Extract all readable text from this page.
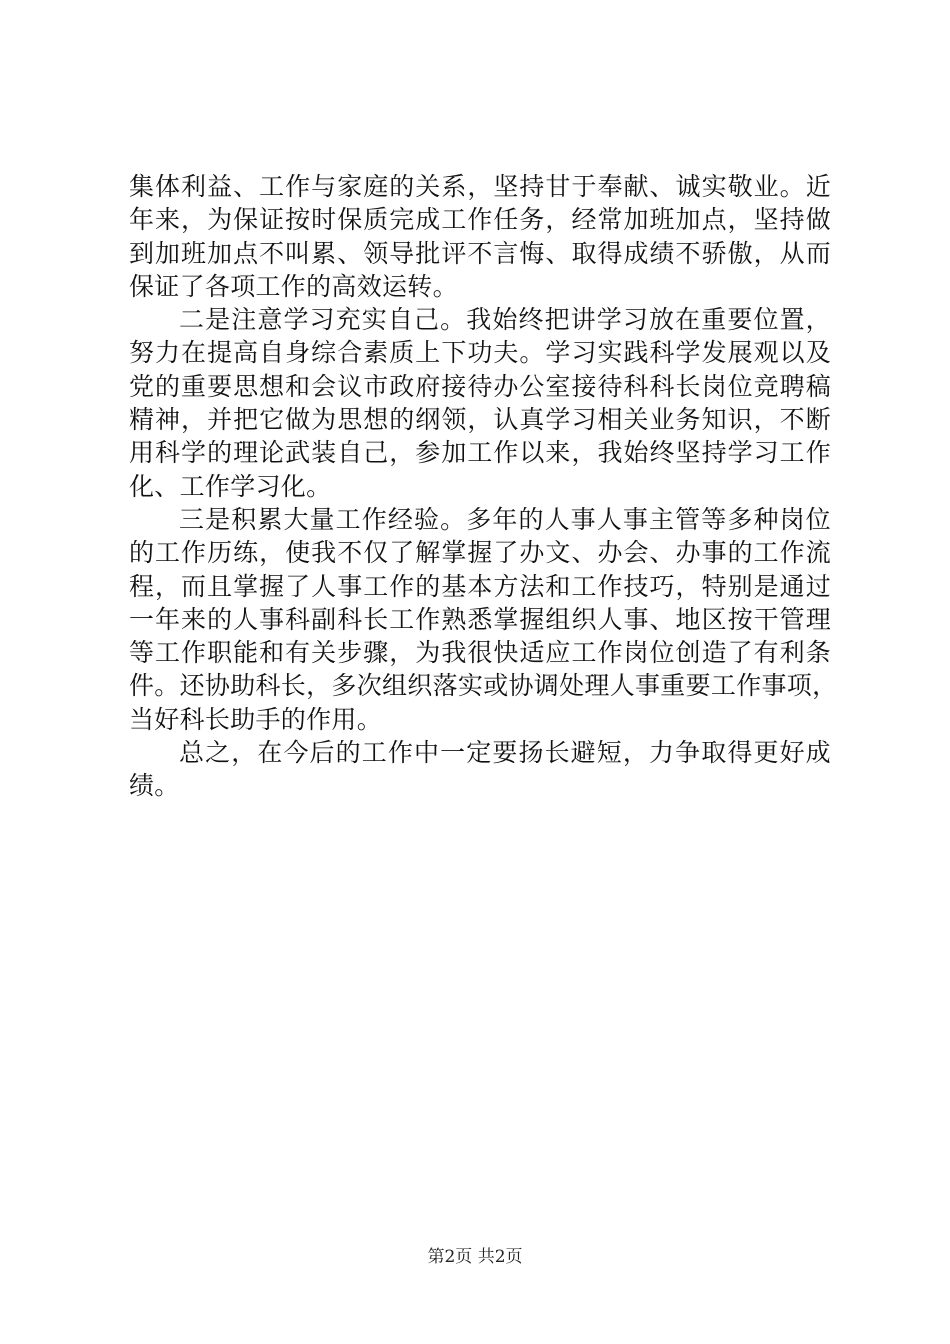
集体利益、工作与家庭的关系，坚持甘于奉献、诚实敬业。近
年来，为保证按时保质完成工作任务，经常加班加点，坚持做
到加班加点不叫累、领导批评不言悔、取得成绩不骄傲，从而
保证了各项工作的高效运转。
二是注意学习充实自己。我始终把讲学习放在重要位置，
努力在提高自身综合素质上下功夫。学习实践科学发展观以及
党的重要思想和会议市政府接待办公室接待科科长岗位竞聘稿
精神，并把它做为思想的纲领，认真学习相关业务知识，不断
用科学的理论武装自己，参加工作以来，我始终坚持学习工作
化、工作学习化。
三是积累大量工作经验。多年的人事人事主管等多种岗位
的工作历练，使我不仅了解掌握了办文、办会、办事的工作流
程，而且掌握了人事工作的基本方法和工作技巧，特别是通过
一年来的人事科副科长工作熟悉掌握组织人事、地区按干管理
等工作职能和有关步骤，为我很快适应工作岗位创造了有利条
件。还协助科长，多次组织落实或协调处理人事重要工作事项，
当好科长助手的作用。
总之，在今后的工作中一定要扬长避短，力争取得更好成
绩。
第2页 共2页
